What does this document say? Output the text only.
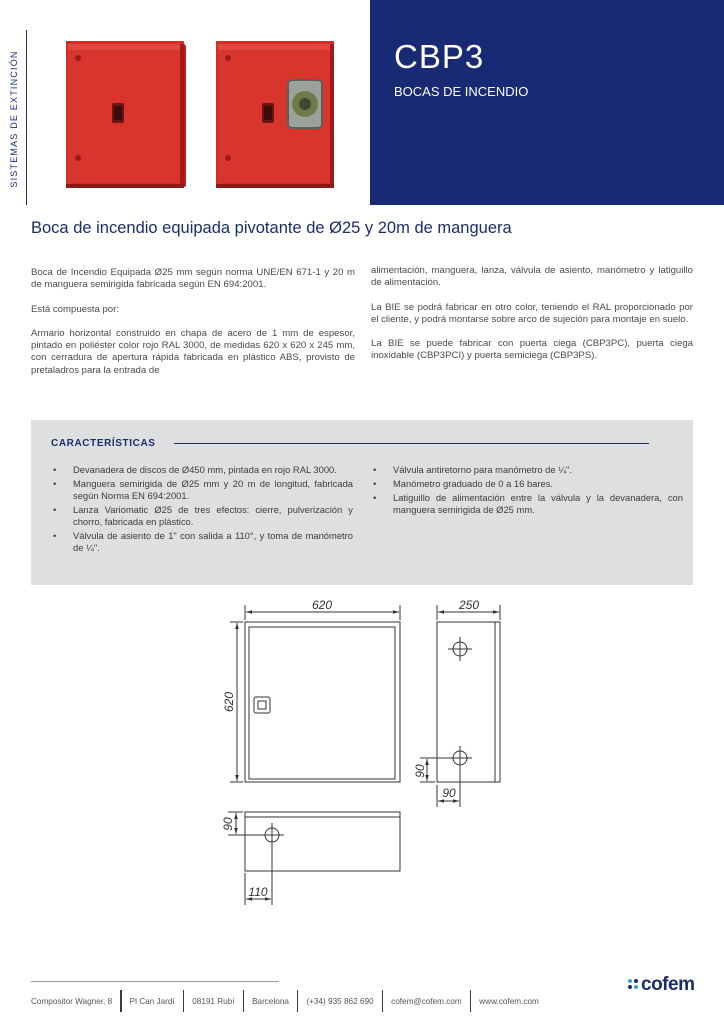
SISTEMAS DE EXTINCIÓN	CBP3
BOCAS DE INCENDIO
Boca de incendio equipada pivotante de Ø25 y 20m de manguera

Boca de Incendio Equipada Ø25 mm según norma UNE/EN 671-1 y 20 m de manguera semirigida fabricada según EN 694:2001.

Está compuesta por:

Armario horizontal construido en chapa de acero de 1 mm de espesor, pintado en poliéster color rojo RAL 3000, de medidas 620 x 620 x 245 mm, con cerradura de apertura rápida fabricada en plástico ABS, provisto de pretaladros para la entrada de

alimentación, manguera, lanza, válvula de asiento, manómetro y latiguillo de alimentación.

La BIE se podrá fabricar en otro color, teniendo el RAL proporcionado por el cliente, y podrá montarse sobre arco de sujeción para montaje en suelo.

La BIE se puede fabricar con puerta ciega (CBP3PC), puerta ciega inoxidable (CBP3PCI) y puerta semiciega (CBP3PS).

CARACTERÍSTICAS
• Devanadera de discos de Ø450 mm, pintada en rojo RAL 3000.
• Manguera semirigida de Ø25 mm y 20 m de longitud, fabricada según Norma EN 694:2001.
• Lanza Variomatic Ø25 de tres efectos: cierre, pulverización y chorro, fabricada en plástico.
• Válvula de asiento de 1" con salida a 110°, y toma de manómetro de ¼".
• Válvula antiretorno para manómetro de ¼".
• Manómetro graduado de 0 a 16 bares.
• Latiguillo de alimentación entre la válvula y la devanadera, con manguera semirigida de Ø25 mm.
620
620
250
90
90
90
110
Compositor Wagner, 8 Pl Can Jardí 08191 Rubí Barcelona (+34) 935 862 690 cofem@cofem.com www.cofem.com
cofem
